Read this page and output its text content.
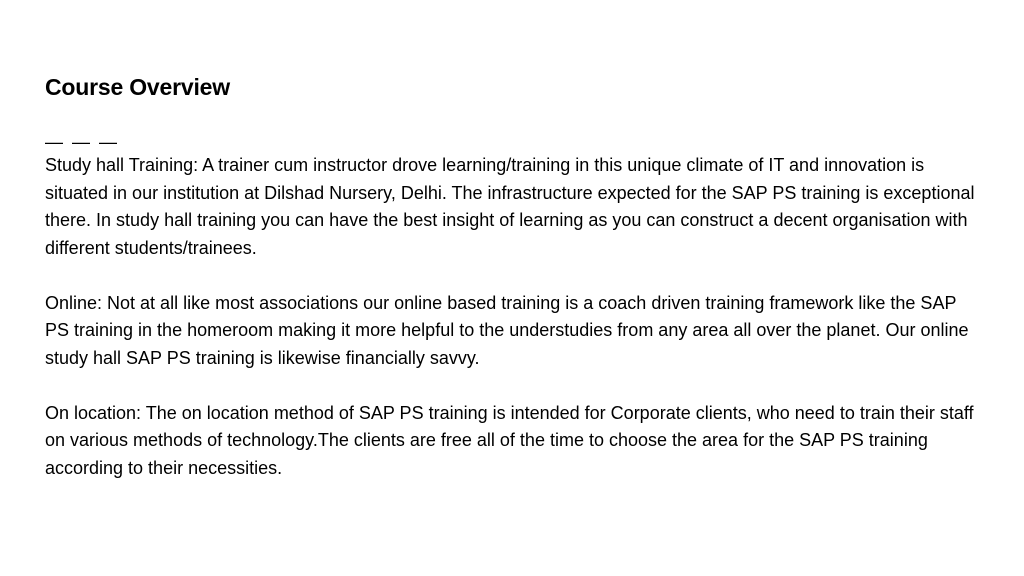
Course Overview
— — —

Study hall Training: A trainer cum instructor drove learning/training in this unique climate of IT and innovation is situated in our institution at Dilshad Nursery, Delhi. The infrastructure expected for the SAP PS training is exceptional there. In study hall training you can have the best insight of learning as you can construct a decent organisation with different students/trainees.

Online: Not at all like most associations our online based training is a coach driven training framework like the SAP PS training in the homeroom making it more helpful to the understudies from any area all over the planet. Our online study hall SAP PS training is likewise financially savvy.

On location: The on location method of SAP PS training is intended for Corporate clients, who need to train their staff on various methods of technology.The clients are free all of the time to choose the area for the SAP PS training according to their necessities.
